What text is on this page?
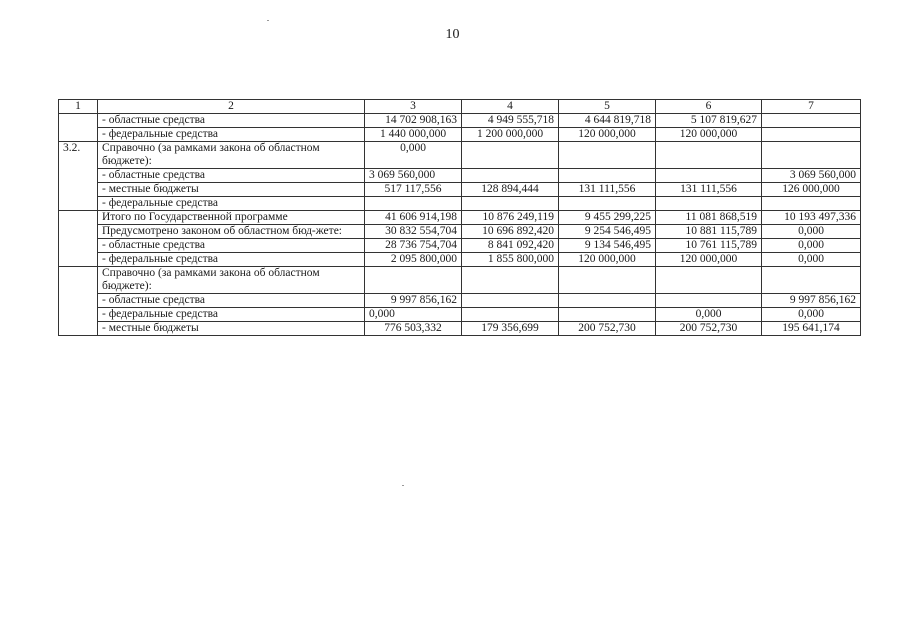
10
1	2	3	4	5	6	7
	- областные средства	14 702 908,163	4 949 555,718	4 644 819,718	5 107 819,627	
	- федеральные средства	1 440 000,000	1 200 000,000	120 000,000	120 000,000	
3.2.	Справочно (за рамками закона об областном бюджете):	0,000				
	- областные средства	3 069 560,000				3 069 560,000
	- местные бюджеты	517 117,556	128 894,444	131 111,556	131 111,556	126 000,000
	- федеральные средства					
	Итого по Государственной программе	41 606 914,198	10 876 249,119	9 455 299,225	11 081 868,519	10 193 497,336
	Предусмотрено законом об областном бюд-жете:	30 832 554,704	10 696 892,420	9 254 546,495	10 881 115,789	0,000
	- областные средства	28 736 754,704	8 841 092,420	9 134 546,495	10 761 115,789	0,000
	- федеральные средства	2 095 800,000	1 855 800,000	120 000,000	120 000,000	0,000
	Справочно (за рамками закона об областном бюджете):					
	- областные средства	9 997 856,162				9 997 856,162
	- федеральные средства	0,000			0,000	0,000
	- местные бюджеты	776 503,332	179 356,699	200 752,730	200 752,730	195 641,174
